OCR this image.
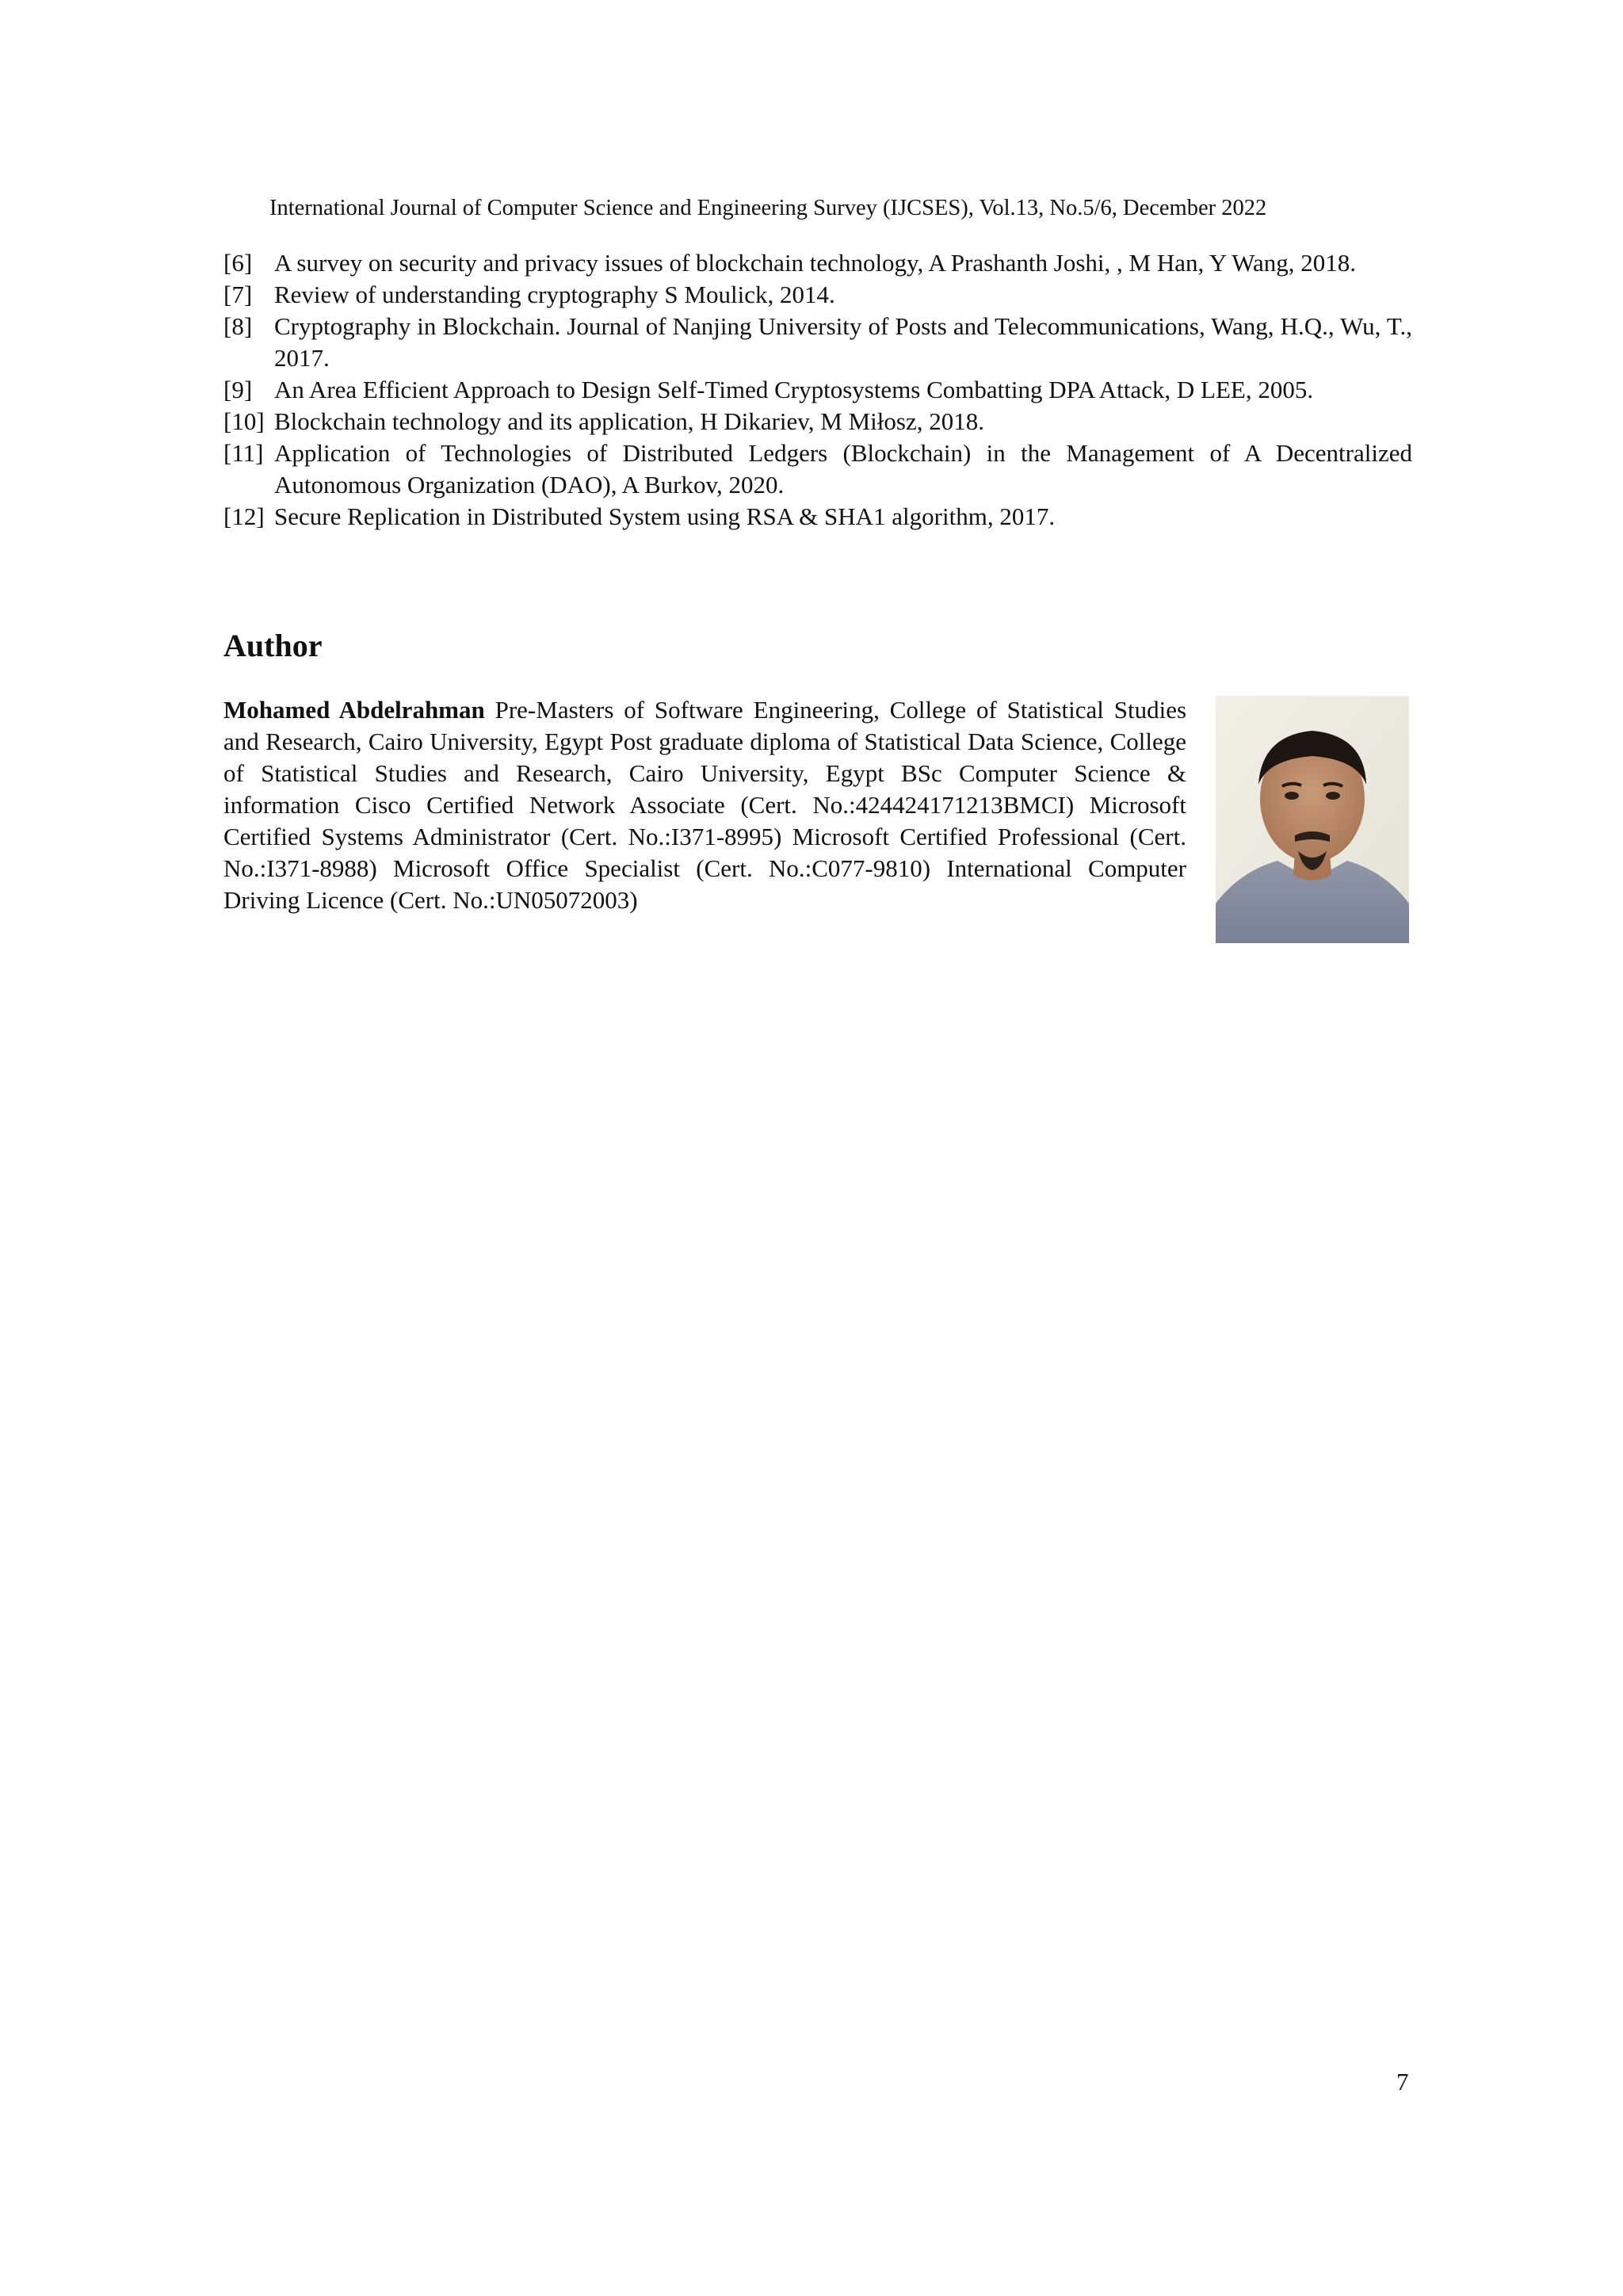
International Journal of Computer Science and Engineering Survey (IJCSES), Vol.13, No.5/6, December 2022
[6] A survey on security and privacy issues of blockchain technology, A Prashanth Joshi, , M Han, Y Wang, 2018.
[7] Review of understanding cryptography S Moulick, 2014.
[8] Cryptography in Blockchain. Journal of Nanjing University of Posts and Telecommunications, Wang, H.Q., Wu, T., 2017.
[9] An Area Efficient Approach to Design Self-Timed Cryptosystems Combatting DPA Attack, D LEE, 2005.
[10] Blockchain technology and its application, H Dikariev, M Miłosz, 2018.
[11] Application of Technologies of Distributed Ledgers (Blockchain) in the Management of A Decentralized Autonomous Organization (DAO), A Burkov, 2020.
[12] Secure Replication in Distributed System using RSA & SHA1 algorithm, 2017.
Author

Mohamed Abdelrahman Pre-Masters of Software Engineering, College of Statistical Studies and Research, Cairo University, Egypt Post graduate diploma of Statistical Data Science, College of Statistical Studies and Research, Cairo University, Egypt BSc Computer Science & information Cisco Certified Network Associate (Cert. No.:424424171213BMCI) Microsoft Certified Systems Administrator (Cert. No.:I371-8995) Microsoft Certified Professional (Cert. No.:I371-8988) Microsoft Office Specialist (Cert. No.:C077-9810) International Computer Driving Licence (Cert. No.:UN05072003)

7
